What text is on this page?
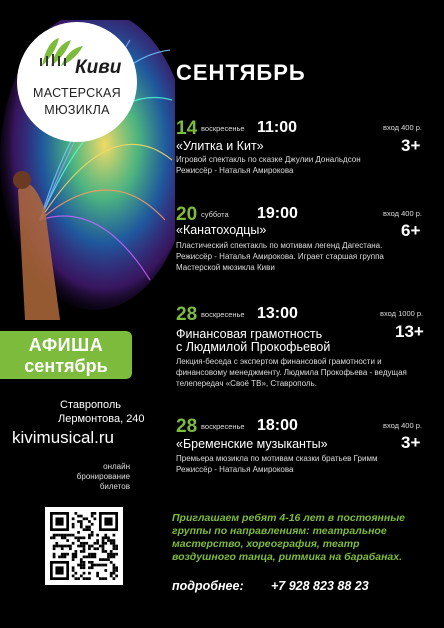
Киви
МАСТЕРСКАЯ
МЮЗИКЛА
СЕНТЯБРЬ
14 воскресенье 11:00	вход 400 р.
3+
«Улитка и Кит»
Игровой спектакль по сказке Джулии Дональдсон
Режиссёр - Наталья Амирокова
20 суббота 19:00	вход 400 р.
6+
«Канатоходцы»
Пластический спектакль по мотивам легенд Дагестана.
Режиссёр - Наталья Амирокова. Играет старшая группа
Мастерской мюзикла Киви
28 воскресенье 13:00	вход 1000 р.
13+
Финансовая грамотность
с Людмилой Прокофьевой
Лекция-беседа с экспертом финансовой грамотности и
финансовому менеджменту. Людмила Прокофьева - ведущая
телепередач «Своё ТВ», Ставрополь.
28 воскресенье 18:00	вход 400 р.
3+
«Бременские музыканты»
Премьера мюзикла по мотивам сказки братьев Гримм
Режиссёр - Наталья Амирокова
АФИША
сентябрь
Ставрополь
Лермонтова, 240
kivimusical.ru
онлайн
бронирование
билетов
Приглашаем ребят 4-16 лет в постоянные
группы по направлениям: театральное
мастерство, хореография, театр
воздушного танца, ритмика на барабанах.
подробнее: +7 928 823 88 23
